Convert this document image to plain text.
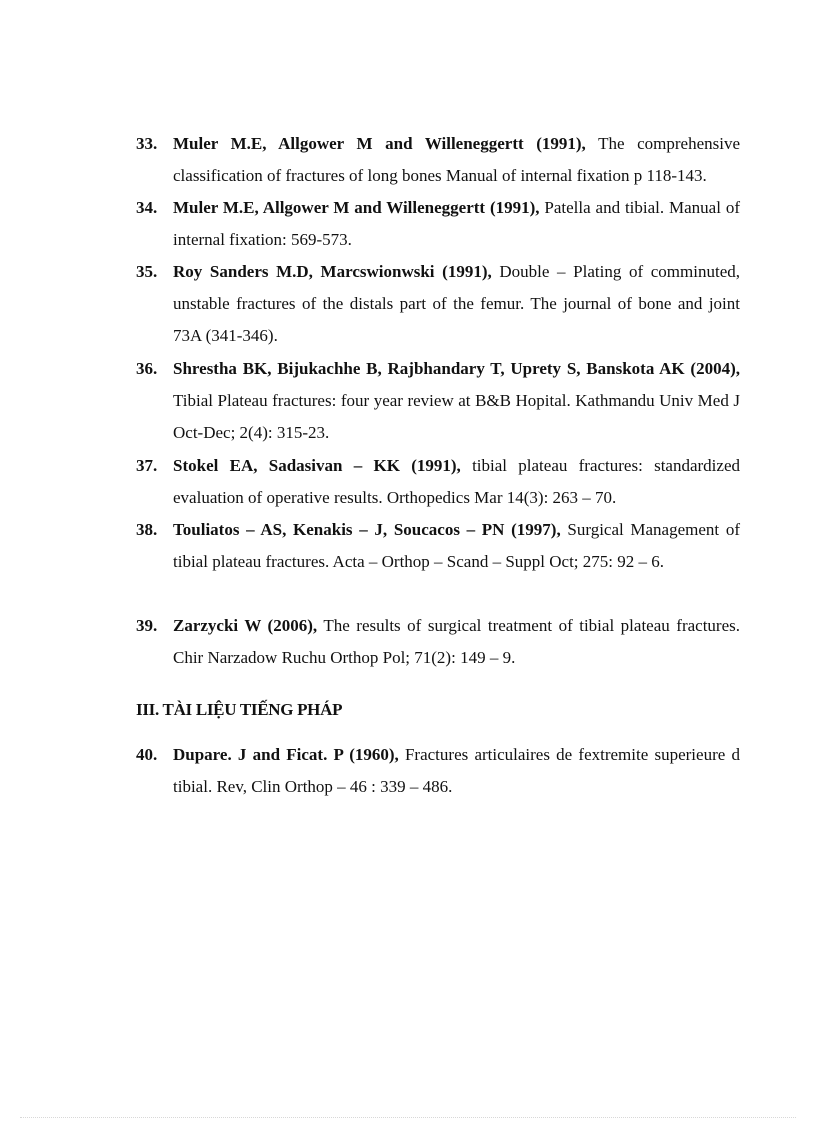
33. Muler M.E, Allgower M and Willeneggertt (1991), The comprehensive classification of fractures of long bones Manual of internal fixation p 118-143.
34. Muler M.E, Allgower M and Willeneggertt (1991), Patella and tibial. Manual of internal fixation: 569-573.
35. Roy Sanders M.D, Marcswionwski (1991), Double – Plating of comminuted, unstable fractures of the distals part of the femur. The journal of bone and joint 73A (341-346).
36. Shrestha BK, Bijukachhe B, Rajbhandary T, Uprety S, Banskota AK (2004), Tibial Plateau fractures: four year review at B&B Hopital. Kathmandu Univ Med J Oct-Dec; 2(4): 315-23.
37. Stokel EA, Sadasivan – KK (1991), tibial plateau fractures: standardized evaluation of operative results. Orthopedics Mar 14(3): 263 – 70.
38. Touliatos – AS, Kenakis – J, Soucacos – PN (1997), Surgical Management of tibial plateau fractures. Acta – Orthop – Scand – Suppl Oct; 275: 92 – 6.
39. Zarzycki W (2006), The results of surgical treatment of tibial plateau fractures. Chir Narzadow Ruchu Orthop Pol; 71(2): 149 – 9.
III. TÀI LIỆU TIẾNG PHÁP
40. Dupare. J and Ficat. P (1960), Fractures articulaires de fextremite superieure d tibial. Rev, Clin Orthop – 46 : 339 – 486.
